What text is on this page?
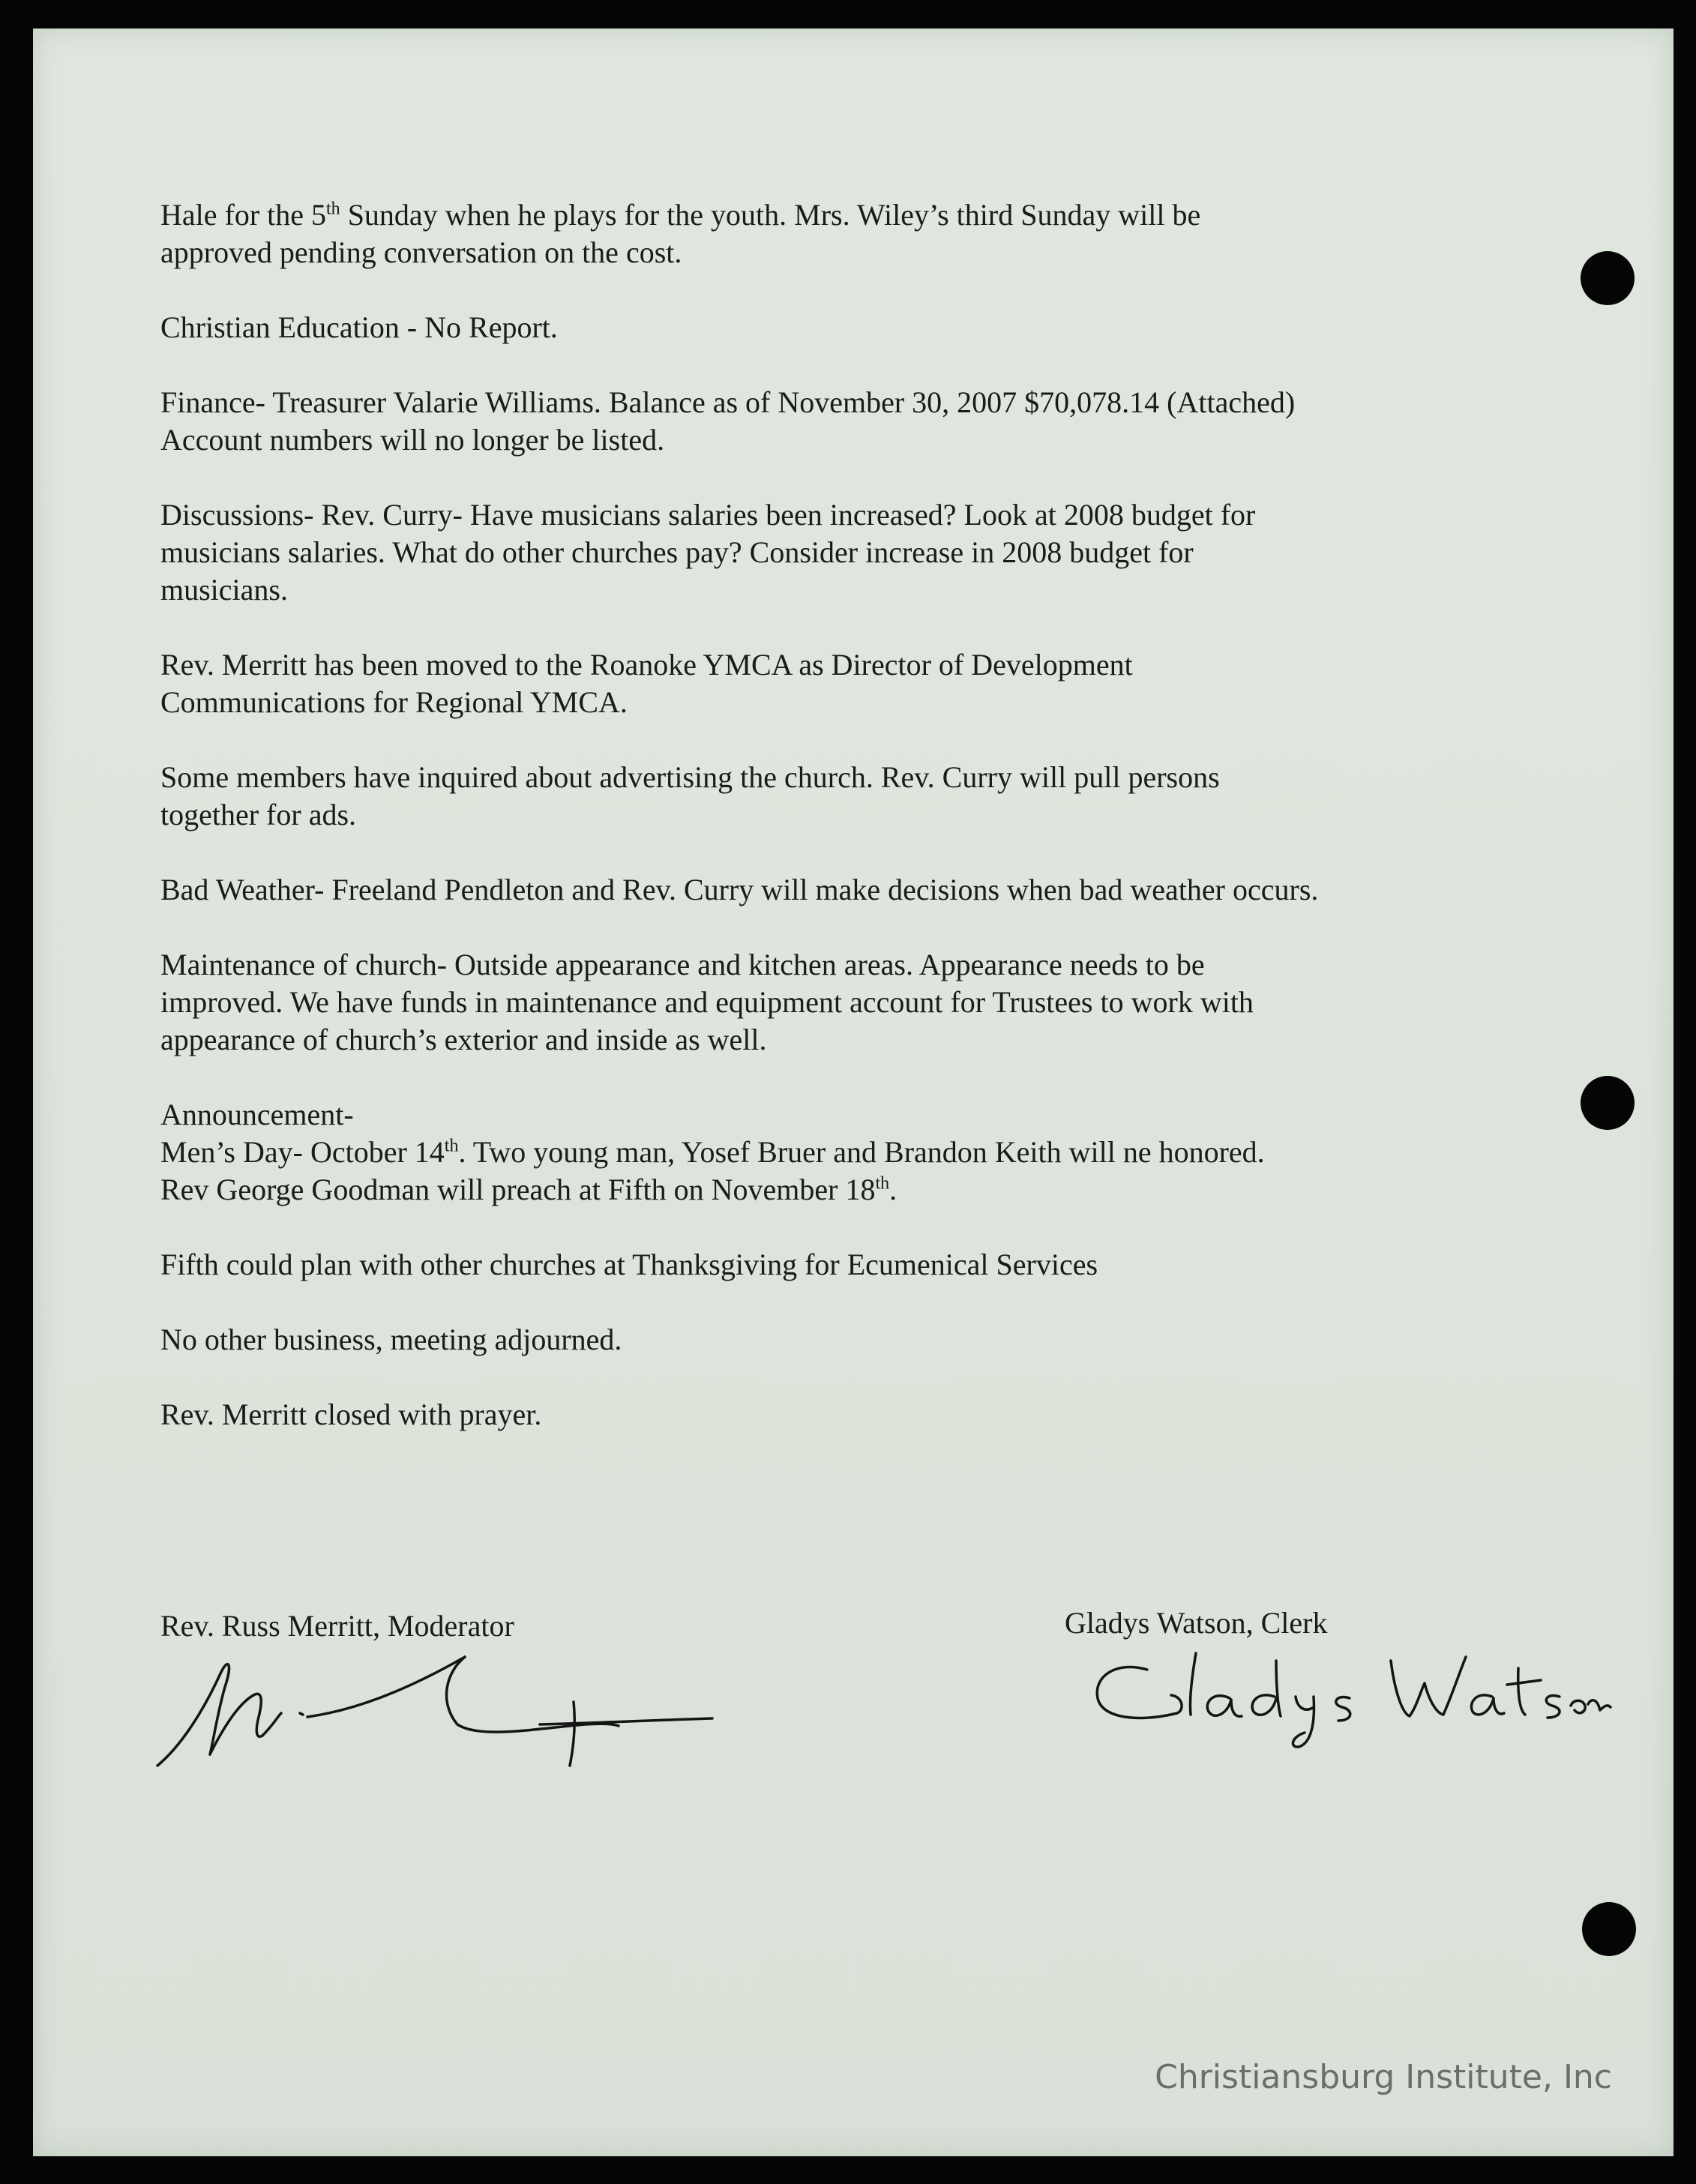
Hale for the 5th Sunday when he plays for the youth. Mrs. Wiley’s third Sunday will be
approved pending conversation on the cost.

Christian Education - No Report.

Finance- Treasurer Valarie Williams. Balance as of November 30, 2007 $70,078.14 (Attached)
Account numbers will no longer be listed.

Discussions- Rev. Curry- Have musicians salaries been increased? Look at 2008 budget for
musicians salaries. What do other churches pay? Consider increase in 2008 budget for
musicians.

Rev. Merritt has been moved to the Roanoke YMCA as Director of Development
Communications for Regional YMCA.

Some members have inquired about advertising the church. Rev. Curry will pull persons
together for ads.

Bad Weather- Freeland Pendleton and Rev. Curry will make decisions when bad weather occurs.

Maintenance of church- Outside appearance and kitchen areas. Appearance needs to be
improved. We have funds in maintenance and equipment account for Trustees to work with
appearance of church’s exterior and inside as well.

Announcement-
Men’s Day- October 14th. Two young man, Yosef Bruer and Brandon Keith will ne honored.
Rev George Goodman will preach at Fifth on November 18th.

Fifth could plan with other churches at Thanksgiving for Ecumenical Services

No other business, meeting adjourned.

Rev. Merritt closed with prayer.

Rev. Russ Merritt, Moderator	Gladys Watson, Clerk
Christiansburg Institute, Inc
